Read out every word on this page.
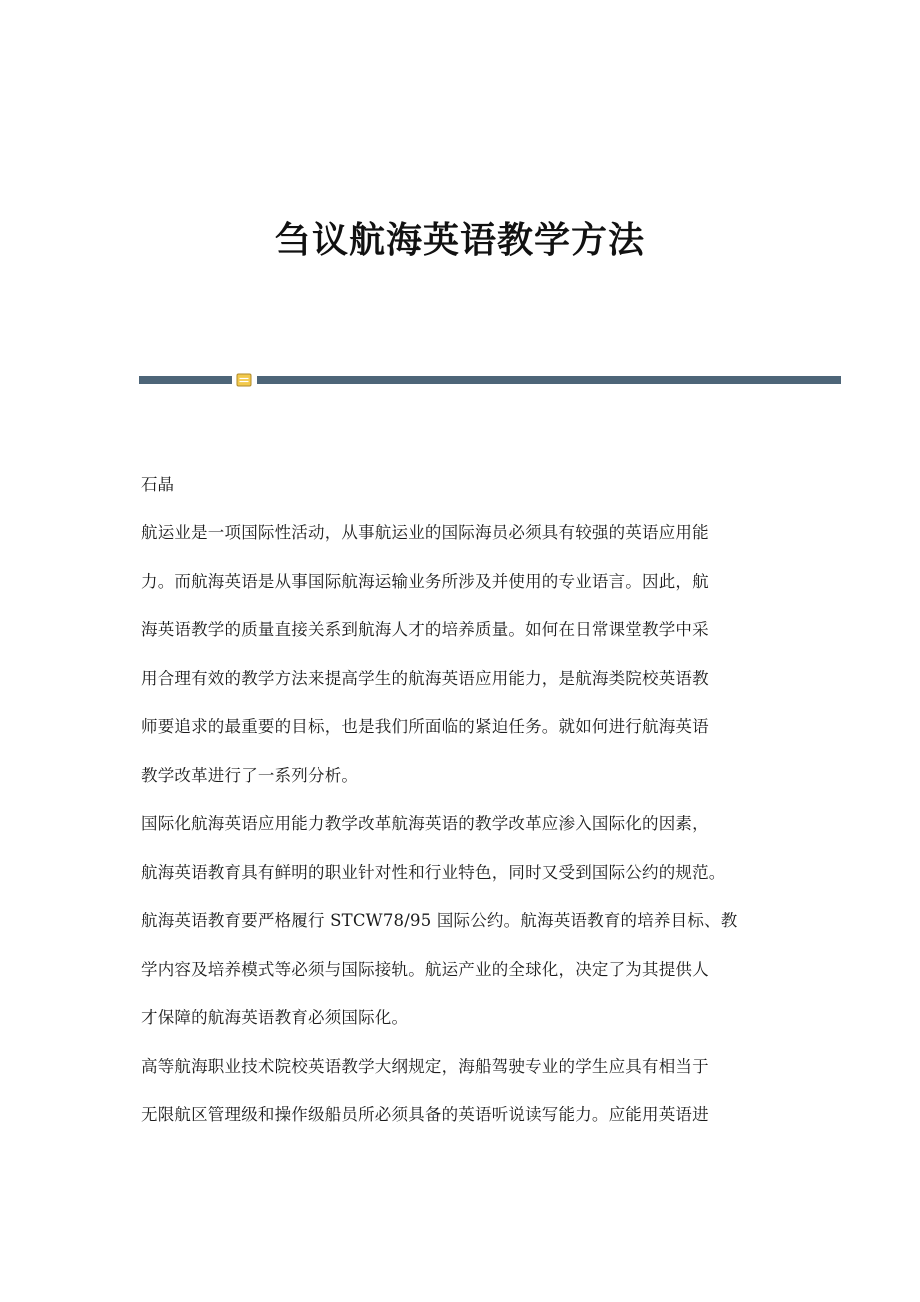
刍议航海英语教学方法
石晶
航运业是一项国际性活动，从事航运业的国际海员必须具有较强的英语应用能
力。而航海英语是从事国际航海运输业务所涉及并使用的专业语言。因此，航
海英语教学的质量直接关系到航海人才的培养质量。如何在日常课堂教学中采
用合理有效的教学方法来提高学生的航海英语应用能力，是航海类院校英语教
师要追求的最重要的目标，也是我们所面临的紧迫任务。就如何进行航海英语
教学改革进行了一系列分析。
国际化航海英语应用能力教学改革航海英语的教学改革应渗入国际化的因素，
航海英语教育具有鲜明的职业针对性和行业特色，同时又受到国际公约的规范。
航海英语教育要严格履行 STCW78/95 国际公约。航海英语教育的培养目标、教
学内容及培养模式等必须与国际接轨。航运产业的全球化，决定了为其提供人
才保障的航海英语教育必须国际化。
高等航海职业技术院校英语教学大纲规定，海船驾驶专业的学生应具有相当于
无限航区管理级和操作级船员所必须具备的英语听说读写能力。应能用英语进
